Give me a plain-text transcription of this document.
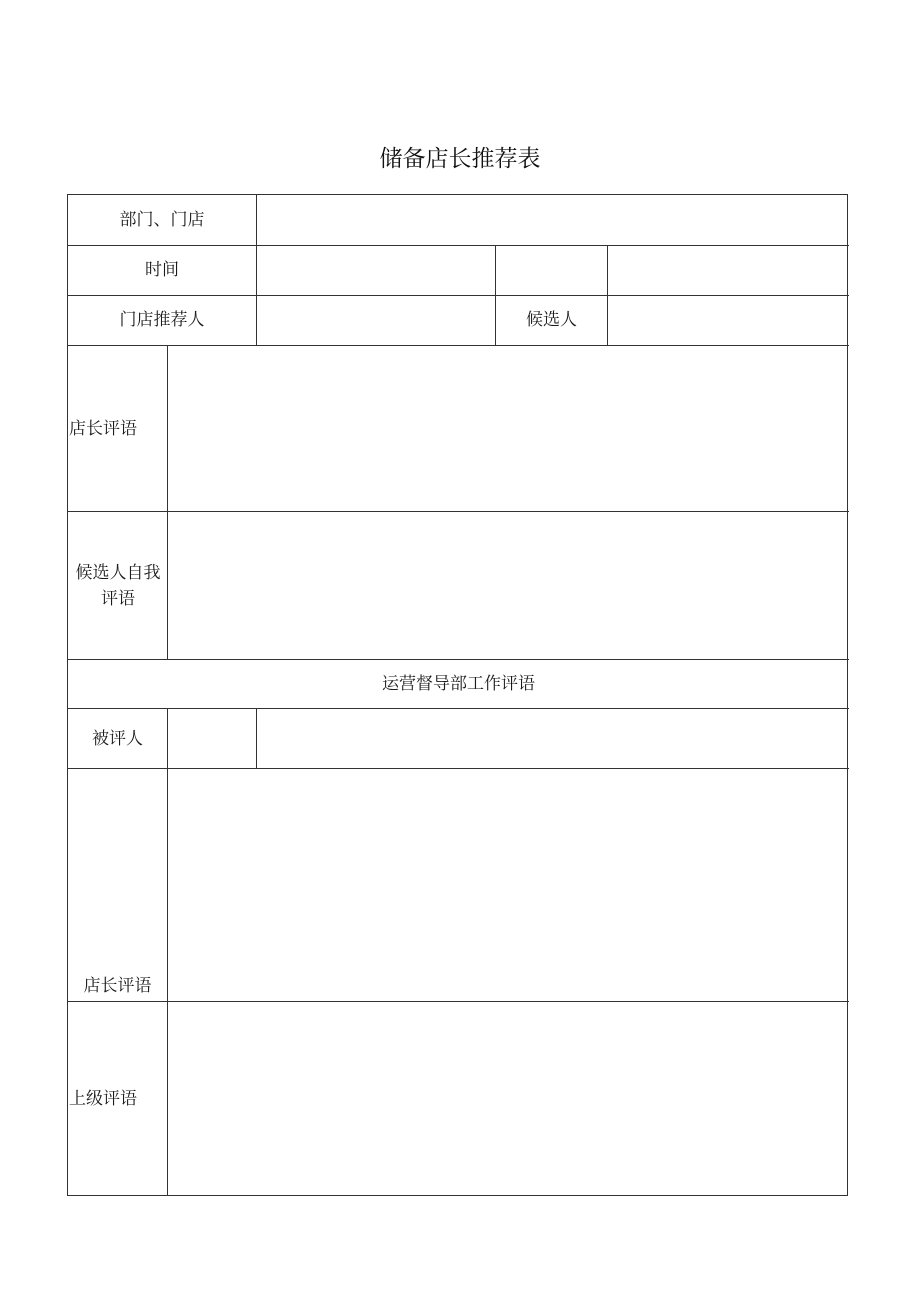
储备店长推荐表
部门、门店
时间
门店推荐人	候选人
店长评语
候选人自我评语
运营督导部工作评语
被评人
店长评语
上级评语
